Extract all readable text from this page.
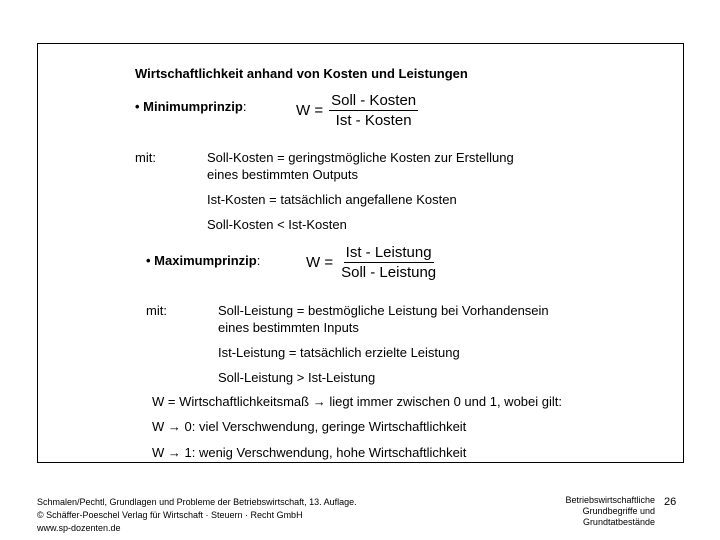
Wirtschaftlichkeit anhand von Kosten und Leistungen
• Minimumprinzip:	$W = \frac{\text{Soll - Kosten}}{\text{Ist - Kosten}}$
mit:	Soll-Kosten = geringstmögliche Kosten zur Erstellung
eines bestimmten Outputs
Ist-Kosten = tatsächlich angefallene Kosten
Soll-Kosten < Ist-Kosten
• Maximumprinzip:	$W = \frac{\text{Ist - Leistung}}{\text{Soll - Leistung}}$
mit:	Soll-Leistung = bestmögliche Leistung bei Vorhandensein
eines bestimmten Inputs
Ist-Leistung = tatsächlich erzielte Leistung
Soll-Leistung > Ist-Leistung
W = Wirtschaftlichkeitsmaß → liegt immer zwischen 0 und 1, wobei gilt:
W → 0: viel Verschwendung, geringe Wirtschaftlichkeit
W → 1: wenig Verschwendung, hohe Wirtschaftlichkeit
Schmalen/Pechtl, Grundlagen und Probleme der Betriebswirtschaft, 13. Auflage.
© Schäffer-Poeschel Verlag für Wirtschaft · Steuern · Recht GmbH
www.sp-dozenten.de
Betriebswirtschaftliche
Grundbegriffe und
Grundtatbestände
26
